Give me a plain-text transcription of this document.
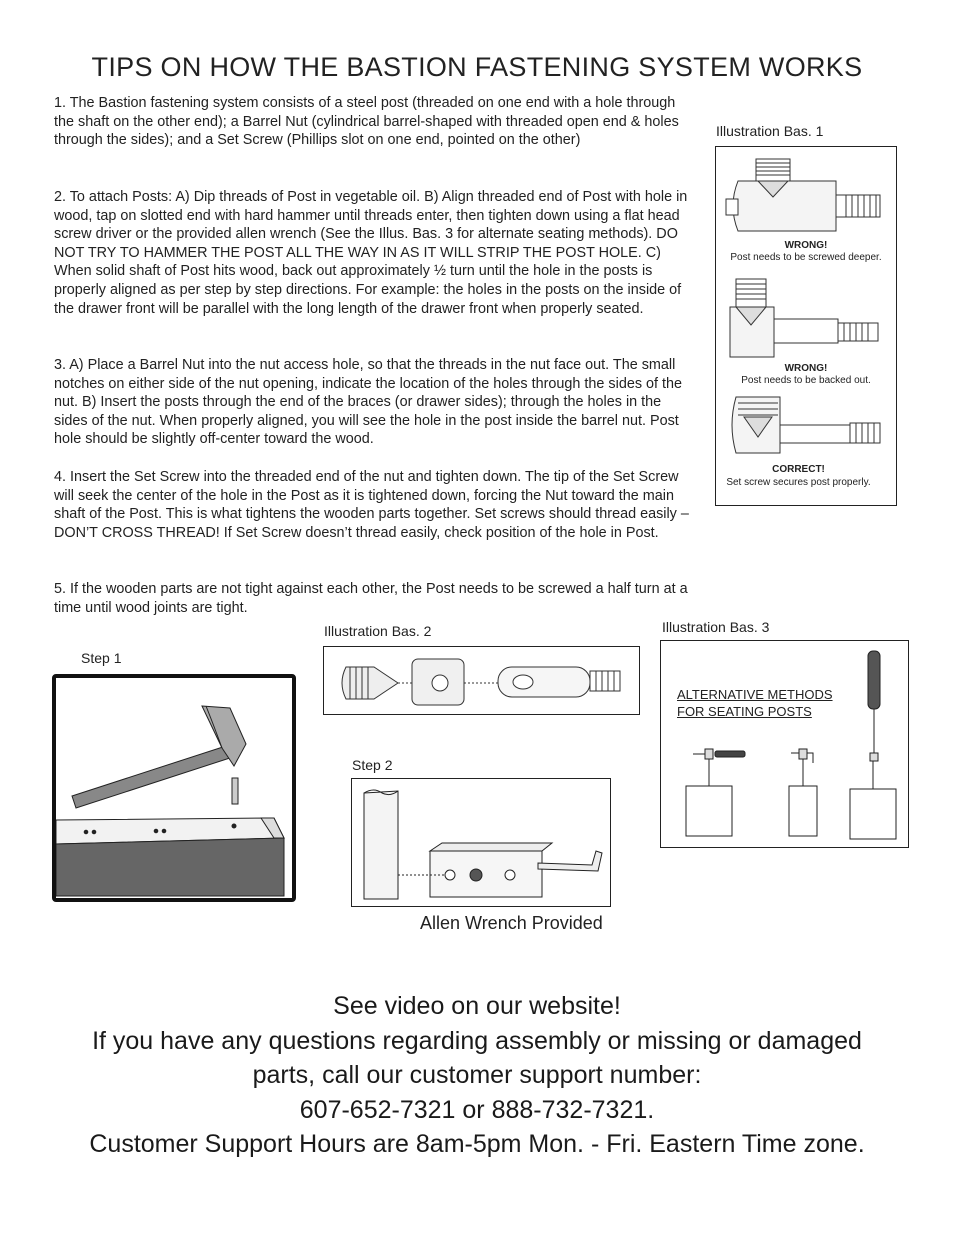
TIPS ON HOW THE BASTION FASTENING SYSTEM WORKS

1. The Bastion fastening system consists of a steel post (threaded on one end with a hole through the shaft on the other end); a Barrel Nut (cylindrical barrel-shaped with threaded open end & holes through the sides); and a Set Screw (Phillips slot on one end, pointed on the other)

2. To attach Posts: A) Dip threads of Post in vegetable oil. B) Align threaded end of Post with hole in wood, tap on slotted end with hard hammer until threads enter, then tighten down using a flat head screw driver or the provided allen wrench (See the Illus. Bas. 3 for alternate seating methods). DO NOT TRY TO HAMMER THE POST ALL THE WAY IN AS IT WILL STRIP THE POST HOLE. C) When solid shaft of Post hits wood, back out approximately ½ turn until the hole in the posts is properly aligned as per step by step directions. For example: the holes in the posts on the inside of the drawer front will be parallel with the long length of the drawer front when properly seated.

3. A) Place a Barrel Nut into the nut access hole, so that the threads in the nut face out. The small notches on either side of the nut opening, indicate the location of the holes through the sides of the nut. B) Insert the posts through the end of the braces (or drawer sides); through the holes in the sides of the nut. When properly aligned, you will see the hole in the post inside the barrel nut. Post hole should be slightly off-center toward the wood.

4. Insert the Set Screw into the threaded end of the nut and tighten down. The tip of the Set Screw will seek the center of the hole in the Post as it is tightened down, forcing the Nut toward the main shaft of the Post. This is what tightens the wooden parts together. Set screws should thread easily – DON’T CROSS THREAD! If Set Screw doesn’t thread easily, check position of the hole in Post.

5. If the wooden parts are not tight against each other, the Post needs to be screwed a half turn at a time until wood joints are tight.

Illustration Bas. 1
WRONG!
Post needs to be screwed deeper.
WRONG!
Post needs to be backed out.
CORRECT!
Set screw secures post properly.
Illustration Bas. 2
Step 1
Step 2
Allen Wrench Provided
Illustration Bas. 3
ALTERNATIVE METHODS
FOR SEATING POSTS
See video on our website!
If you have any questions regarding assembly or missing or damaged
parts, call our customer support number:
607-652-7321 or 888-732-7321.
Customer Support Hours are 8am-5pm Mon. - Fri. Eastern Time zone.
